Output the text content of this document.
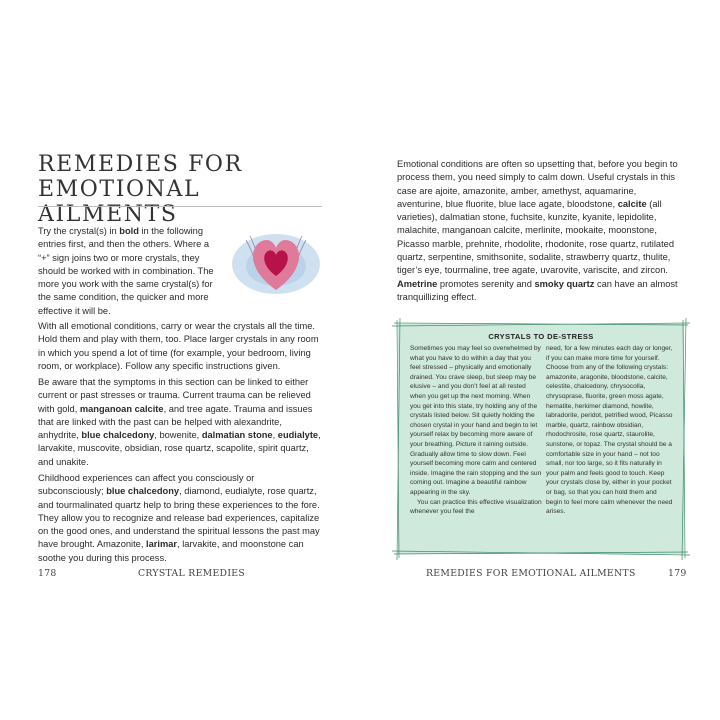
REMEDIES FOR
EMOTIONAL AILMENTS
Try the crystal(s) in bold in the following entries first, and then the others. Where a “+” sign joins two or more crystals, they should be worked with in combination. The more you work with the same crystal(s) for the same condition, the quicker and more effective it will be.
With all emotional conditions, carry or wear the crystals all the time. Hold them and play with them, too. Place larger crystals in any room in which you spend a lot of time (for example, your bedroom, living room, or workplace). Follow any specific instructions given.
Be aware that the symptoms in this section can be linked to either current or past stresses or trauma. Current trauma can be relieved with gold, manganoan calcite, and tree agate. Trauma and issues that are linked with the past can be helped with alexandrite, anhydrite, blue chalcedony, bowenite, dalmatian stone, eudialyte, larvakite, muscovite, obsidian, rose quartz, scapolite, spirit quartz, and unakite.
Childhood experiences can affect you consciously or subconsciously; blue chalcedony, diamond, eudialyte, rose quartz, and tourmalinated quartz help to bring these experiences to the fore. They allow you to recognize and release bad experiences, capitalize on the good ones, and understand the spiritual lessons the past may have brought. Amazonite, larimar, larvakite, and moonstone can soothe you during this process.
178	CRYSTAL REMEDIES
Emotional conditions are often so upsetting that, before you begin to process them, you need simply to calm down. Useful crystals in this case are ajoite, amazonite, amber, amethyst, aquamarine, aventurine, blue fluorite, blue lace agate, bloodstone, calcite (all varieties), dalmatian stone, fuchsite, kunzite, kyanite, lepidolite, malachite, manganoan calcite, merlinite, mookaite, moonstone, Picasso marble, prehnite, rhodolite, rhodonite, rose quartz, rutilated quartz, serpentine, smithsonite, sodalite, strawberry quartz, thulite, tiger’s eye, tourmaline, tree agate, uvarovite, variscite, and zircon. Ametrine promotes serenity and smoky quartz can have an almost tranquillizing effect.
CRYSTALS TO DE-STRESS
Sometimes you may feel so overwhelmed by what you have to do within a day that you feel stressed – physically and emotionally drained. You crave sleep, but sleep may be elusive – and you don’t feel at all rested when you get up the next morning. When you get into this state, try holding any of the crystals listed below. Sit quietly holding the chosen crystal in your hand and begin to let yourself relax by becoming more aware of your breathing. Picture it raining outside. Gradually allow time to slow down. Feel yourself becoming more calm and centered inside. Imagine the rain stopping and the sun coming out. Imagine a beautiful rainbow appearing in the sky.
You can practice this effective visualization whenever you feel the
need, for a few minutes each day or longer, if you can make more time for yourself. Choose from any of the following crystals: amazonite, aragonite, bloodstone, calcite, celestite, chalcedony, chrysocolla, chrysoprase, fluorite, green moss agate, hematite, herkimer diamond, howlite, labradorite, peridot, petrified wood, Picasso marble, quartz, rainbow obsidian, rhodochrosite, rose quartz, staurolite, sunstone, or topaz. The crystal should be a comfortable size in your hand – not too small, nor too large, so it fits naturally in your palm and feels good to touch. Keep your crystals close by, either in your pocket or bag, so that you can hold them and begin to feel more calm whenever the need arises.
REMEDIES FOR EMOTIONAL AILMENTS	179
